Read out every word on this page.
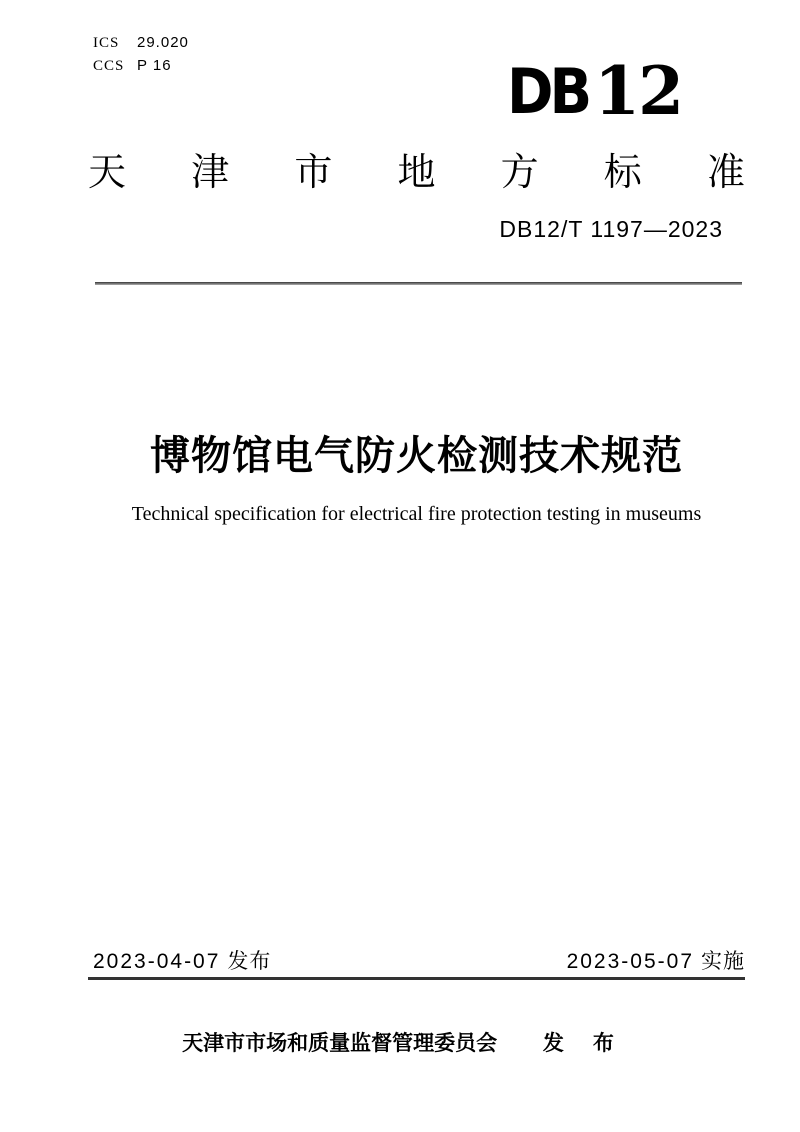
ICS	29.020
CCS P 16	DB 12
天 津 市 地 方 标 准
DB12/T 1197—2023
博物馆电气防火检测技术规范
Technical specification for electrical fire protection testing in museums
2023-04-07 发布	2023-05-07 实施
天津市市场和质量监督管理委员会 发　布
